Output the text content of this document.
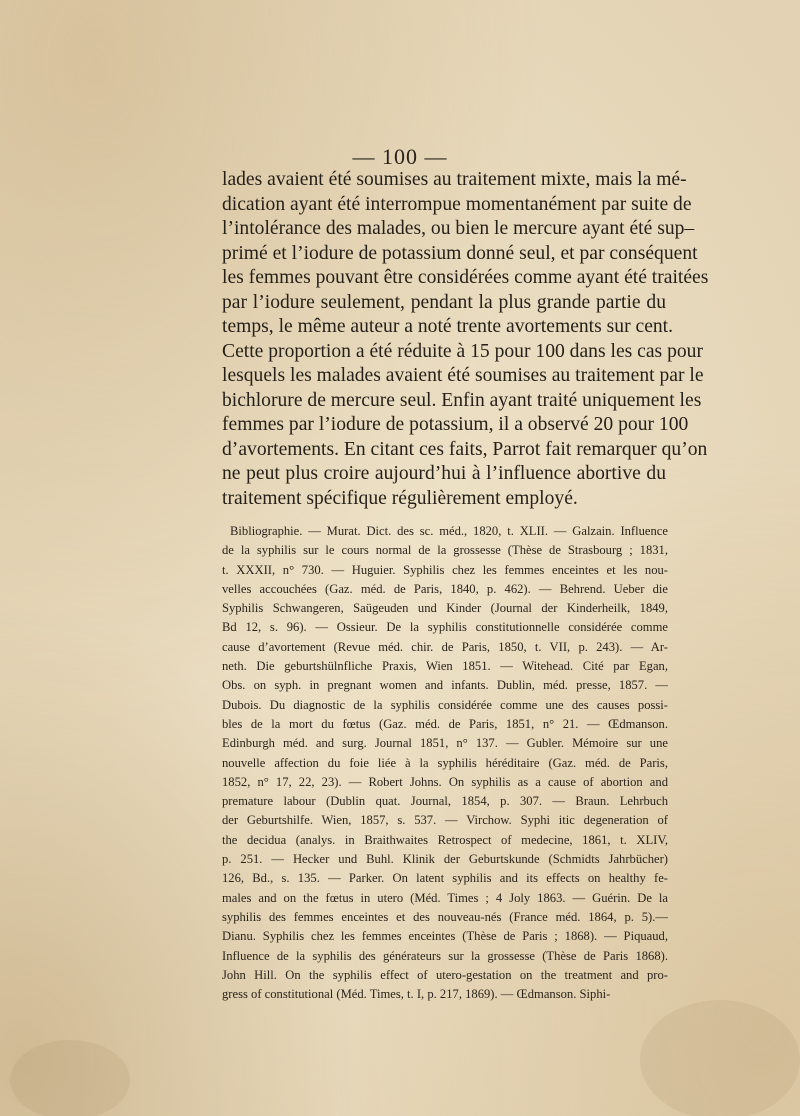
— 100 —
lades avaient été soumises au traitement mixte, mais la mé-
dication ayant été interrompue momentanément par suite de
l’intolérance des malades, ou bien le mercure ayant été sup–
primé et l’iodure de potassium donné seul, et par conséquent
les femmes pouvant être considérées comme ayant été traitées
par l’iodure seulement, pendant la plus grande partie du
temps, le même auteur a noté trente avortements sur cent.
Cette proportion a été réduite à 15 pour 100 dans les cas pour
lesquels les malades avaient été soumises au traitement par le
bichlorure de mercure seul. Enfin ayant traité uniquement les
femmes par l’iodure de potassium, il a observé 20 pour 100
d’avortements. En citant ces faits, Parrot fait remarquer qu’on
ne peut plus croire aujourd’hui à l’influence abortive du
traitement spécifique régulièrement employé.
Bibliographie. — Murat. Dict. des sc. méd., 1820, t. XLII. — Galzain. Influence
de la syphilis sur le cours normal de la grossesse (Thèse de Strasbourg ; 1831,
t. XXXII, n° 730. — Huguier. Syphilis chez les femmes enceintes et les nou-
velles accouchées (Gaz. méd. de Paris, 1840, p. 462). — Behrend. Ueber die
Syphilis Schwangeren, Saügeuden und Kinder (Journal der Kinderheilk, 1849,
Bd 12, s. 96). — Ossieur. De la syphilis constitutionnelle considérée comme
cause d’avortement (Revue méd. chir. de Paris, 1850, t. VII, p. 243). — Ar-
neth. Die geburtshülnfliche Praxis, Wien 1851. — Witehead. Cité par Egan,
Obs. on syph. in pregnant women and infants. Dublin, méd. presse, 1857. —
Dubois. Du diagnostic de la syphilis considérée comme une des causes possi-
bles de la mort du fœtus (Gaz. méd. de Paris, 1851, n° 21. — Œdmanson.
Edinburgh méd. and surg. Journal 1851, n° 137. — Gubler. Mémoire sur une
nouvelle affection du foie liée à la syphilis héréditaire (Gaz. méd. de Paris,
1852, n° 17, 22, 23). — Robert Johns. On syphilis as a cause of abortion and
premature labour (Dublin quat. Journal, 1854, p. 307. — Braun. Lehrbuch
der Geburtshilfe. Wien, 1857, s. 537. — Virchow. Syphi itic degeneration of
the decidua (analys. in Braithwaites Retrospect of medecine, 1861, t. XLIV,
p. 251. — Hecker und Buhl. Klinik der Geburtskunde (Schmidts Jahrbücher)
126, Bd., s. 135. — Parker. On latent syphilis and its effects on healthy fe-
males and on the fœtus in utero (Méd. Times ; 4 Joly 1863. — Guérin. De la
syphilis des femmes enceintes et des nouveau-nés (France méd. 1864, p. 5).—
Dianu. Syphilis chez les femmes enceintes (Thèse de Paris ; 1868). — Piquaud,
Influence de la syphilis des générateurs sur la grossesse (Thèse de Paris 1868).
John Hill. On the syphilis effect of utero-gestation on the treatment and pro-
gress of constitutional (Méd. Times, t. I, p. 217, 1869). — Œdmanson. Siphi-
